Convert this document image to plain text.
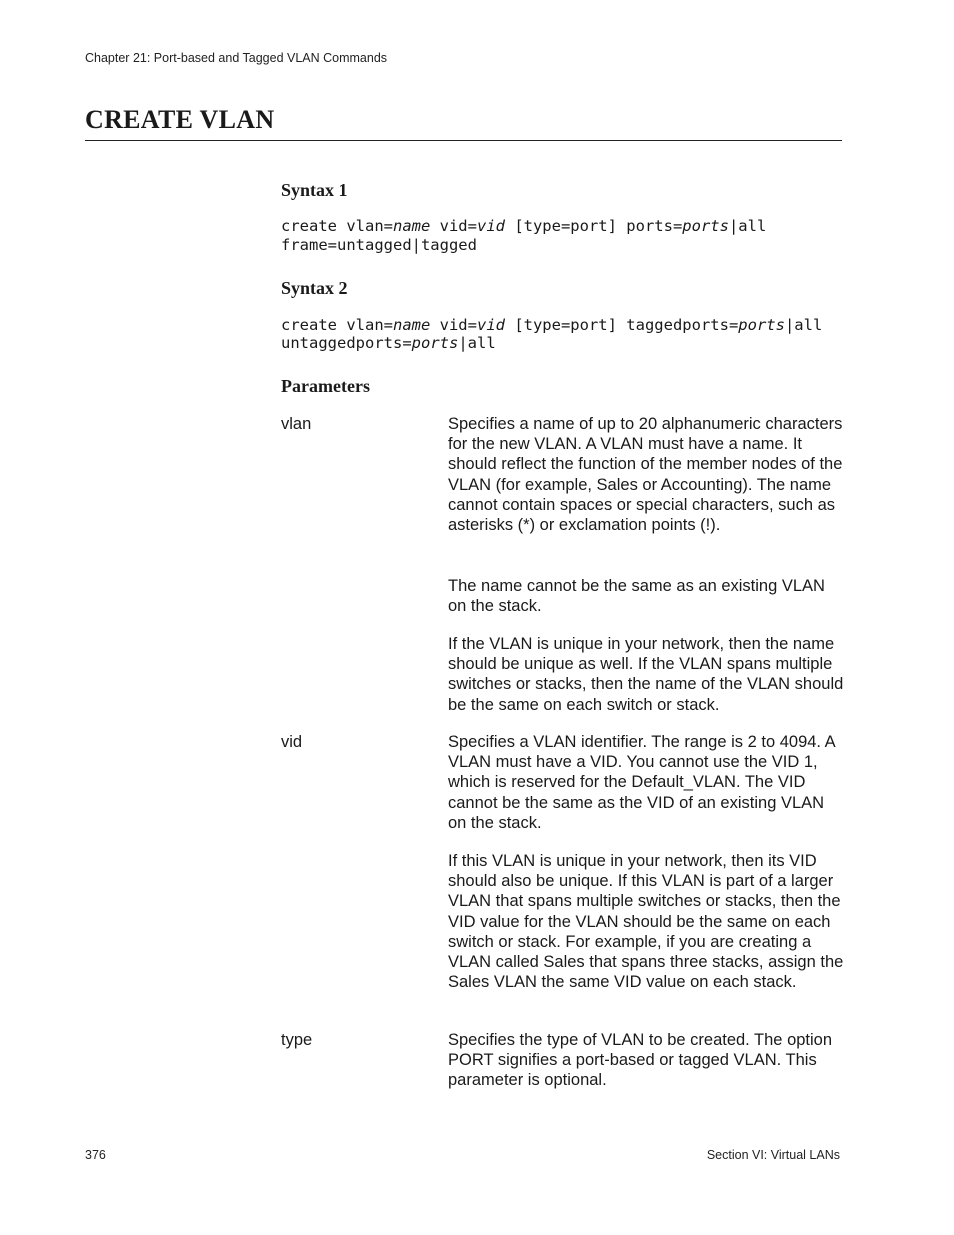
Chapter 21: Port-based and Tagged VLAN Commands
CREATE VLAN
Syntax 1
create vlan=name vid=vid [type=port] ports=ports|all
frame=untagged|tagged
Syntax 2
create vlan=name vid=vid [type=port] taggedports=ports|all
untaggedports=ports|all
Parameters
vlan	Specifies a name of up to 20 alphanumeric characters for the new VLAN. A VLAN must have a name. It should reflect the function of the member nodes of the VLAN (for example, Sales or Accounting). The name cannot contain spaces or special characters, such as asterisks (*) or exclamation points (!).

The name cannot be the same as an existing VLAN on the stack.

If the VLAN is unique in your network, then the name should be unique as well. If the VLAN spans multiple switches or stacks, then the name of the VLAN should be the same on each switch or stack.

vid	Specifies a VLAN identifier. The range is 2 to 4094. A VLAN must have a VID. You cannot use the VID 1, which is reserved for the Default_VLAN. The VID cannot be the same as the VID of an existing VLAN on the stack.

If this VLAN is unique in your network, then its VID should also be unique. If this VLAN is part of a larger VLAN that spans multiple switches or stacks, then the VID value for the VLAN should be the same on each switch or stack. For example, if you are creating a VLAN called Sales that spans three stacks, assign the Sales VLAN the same VID value on each stack.

type	Specifies the type of VLAN to be created. The option PORT signifies a port-based or tagged VLAN. This parameter is optional.

376	Section VI: Virtual LANs
